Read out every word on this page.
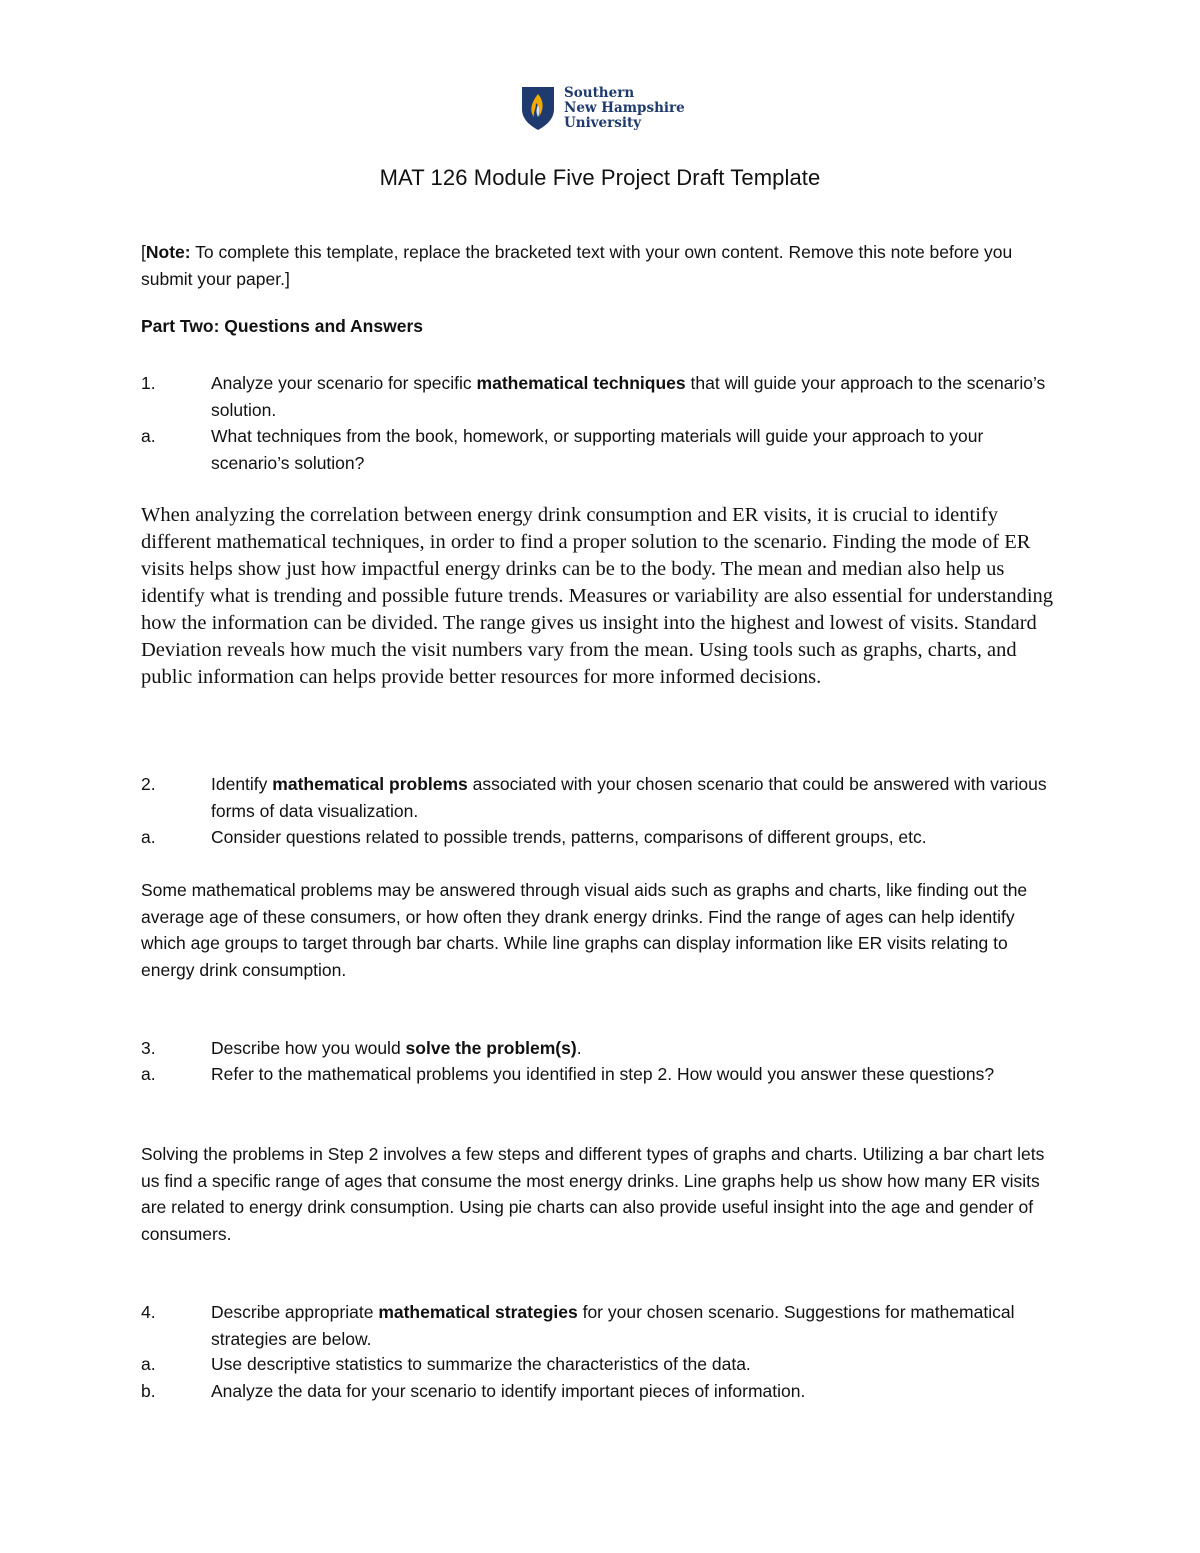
Southern
New Hampshire
University
MAT 126 Module Five Project Draft Template
[Note: To complete this template, replace the bracketed text with your own content. Remove this note before you submit your paper.]
Part Two: Questions and Answers
1.	Analyze your scenario for specific mathematical techniques that will guide your approach to the scenario’s solution.
a.	What techniques from the book, homework, or supporting materials will guide your approach to your scenario’s solution?
When analyzing the correlation between energy drink consumption and ER visits, it is crucial to identify different mathematical techniques, in order to find a proper solution to the scenario. Finding the mode of ER visits helps show just how impactful energy drinks can be to the body. The mean and median also help us identify what is trending and possible future trends. Measures or variability are also essential for understanding how the information can be divided. The range gives us insight into the highest and lowest of visits. Standard Deviation reveals how much the visit numbers vary from the mean. Using tools such as graphs, charts, and public information can helps provide better resources for more informed decisions.
2.	Identify mathematical problems associated with your chosen scenario that could be answered with various forms of data visualization.
a.	Consider questions related to possible trends, patterns, comparisons of different groups, etc.
Some mathematical problems may be answered through visual aids such as graphs and charts, like finding out the average age of these consumers, or how often they drank energy drinks. Find the range of ages can help identify which age groups to target through bar charts. While line graphs can display information like ER visits relating to energy drink consumption.
3.	Describe how you would solve the problem(s).
a.	Refer to the mathematical problems you identified in step 2. How would you answer these questions?
Solving the problems in Step 2 involves a few steps and different types of graphs and charts. Utilizing a bar chart lets us find a specific range of ages that consume the most energy drinks. Line graphs help us show how many ER visits are related to energy drink consumption. Using pie charts can also provide useful insight into the age and gender of consumers.
4.	Describe appropriate mathematical strategies for your chosen scenario. Suggestions for mathematical strategies are below.
a.	Use descriptive statistics to summarize the characteristics of the data.
b.	Analyze the data for your scenario to identify important pieces of information.
